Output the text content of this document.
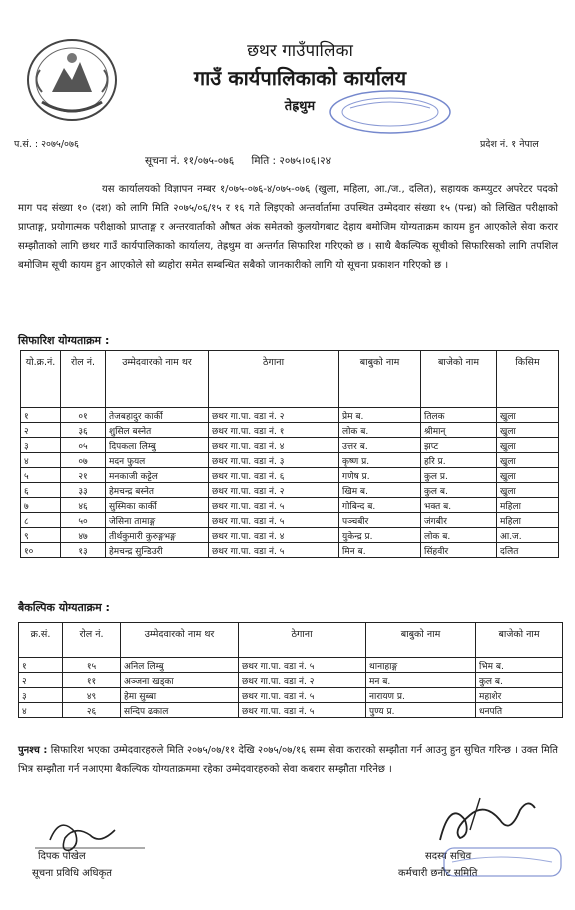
छथर गाउँपालिका
गाउँ कार्यपालिकाको कार्यालय
तेह्रथुम
प.सं. : २०७५/०७६	प्रदेश नं. १ नेपाल
सूचना नं. ११/०७५-०७६ मिति : २०७५।०६।२४

यस कार्यालयको विज्ञापन नम्बर १/०७५-०७६-४/०७५-०७६ (खुला, महिला, आ./ज., दलित), सहायक कम्प्युटर अपरेटर पदको माग पद संख्या १० (दश) को लागि मिति २०७५/०६/१५ र १६ गते लिइएको अन्तर्वार्तामा उपस्थित उम्मेदवार संख्या १५ (पन्ध्र) को लिखित परीक्षाको प्राप्ताङ्ग, प्रयोगात्मक परीक्षाको प्राप्ताङ्ग र अन्तरवार्ताको औषत अंक समेतको कुलयोगबाट देहाय बमोजिम योग्यताक्रम कायम हुन आएकोले सेवा करार सम्झौताको लागि छथर गाउँ कार्यपालिकाको कार्यालय, तेह्रथुम वा अन्तर्गत सिफारिश गरिएको छ । साथै बैकल्पिक सूचीको सिफारिसको लागि तपशिल बमोजिम सूची कायम हुन आएकोले सो ब्यहोरा समेत सम्बन्धित सबैको जानकारीको लागि यो सूचना प्रकाशन गरिएको छ ।

सिफारिश योग्यताक्रम :
यो.क्र.नं.	रोल नं.	उम्मेदवारको नाम थर	ठेगाना	बाबुको नाम	बाजेको नाम	किसिम
१	०१	तेजबहादुर कार्की	छथर गा.पा. वडा नं. २	प्रेम ब.	तिलक	खुला
२	३६	शुसिल बस्नेत	छथर गा.पा. वडा नं. १	लोक ब.	श्रीमान्	खुला
३	०५	दिपकला लिम्बु	छथर गा.पा. वडा नं. ४	उत्तर ब.	झप्ट	खुला
४	०७	मदन फुयल	छथर गा.पा. वडा नं. ३	कृष्ण प्र.	हरि प्र.	खुला
५	२१	मनकाजी कट्टेल	छथर गा.पा. वडा नं. ६	गणेष प्र.	कुल प्र.	खुला
६	३३	हेमचन्द्र बस्नेत	छथर गा.पा. वडा नं. २	खिम ब.	कुल ब.	खुला
७	४६	सुस्मिका कार्की	छथर गा.पा. वडा नं. ५	गोबिन्द ब.	भक्त ब.	महिला
८	५०	जेसिना तामाङ्ग	छथर गा.पा. वडा नं. ५	पञ्चबीर	जंगबीर	महिला
९	४७	तीर्थकुमारी कुरुङ्गभङ्ग	छथर गा.पा. वडा नं. ४	युकेन्द्र प्र.	लोक ब.	आ.ज.
१०	१३	हेमचन्द्र सुन्डिउरी	छथर गा.पा. वडा नं. ५	मिन ब.	सिंहवीर	दलित
बैकल्पिक योग्यताक्रम :
क्र.सं.	रोल नं.	उम्मेदवारको नाम थर	ठेगाना	बाबुको नाम	बाजेको नाम
१	१५	अनिल लिम्बु	छथर गा.पा. वडा नं. ५	थानाहाङ्ग	भिम ब.
२	११	अञ्जना खड्का	छथर गा.पा. वडा नं. २	मन ब.	कुल ब.
३	४९	हेमा सुब्बा	छथर गा.पा. वडा नं. ५	नारायण प्र.	महाशेर
४	२६	सन्दिप ढकाल	छथर गा.पा. वडा नं. ५	पुण्य प्र.	धनपति
पुनश्च : सिफारिश भएका उम्मेदवारहरुले मिति २०७५/०७/११ देखि २०७५/०७/१६ सम्म सेवा करारको सम्झौता गर्न आउनु हुन सुचित गरिन्छ । उक्त मिति भित्र सम्झौता गर्न नआएमा बैकल्पिक योग्यताक्रममा रहेका उम्मेदवारहरुको सेवा कबरार सम्झौता गरिनेछ ।
दिपक पोखेल
सूचना प्रविधि अधिकृत
सदस्य सचिव
कर्मचारी छनौट समिति
